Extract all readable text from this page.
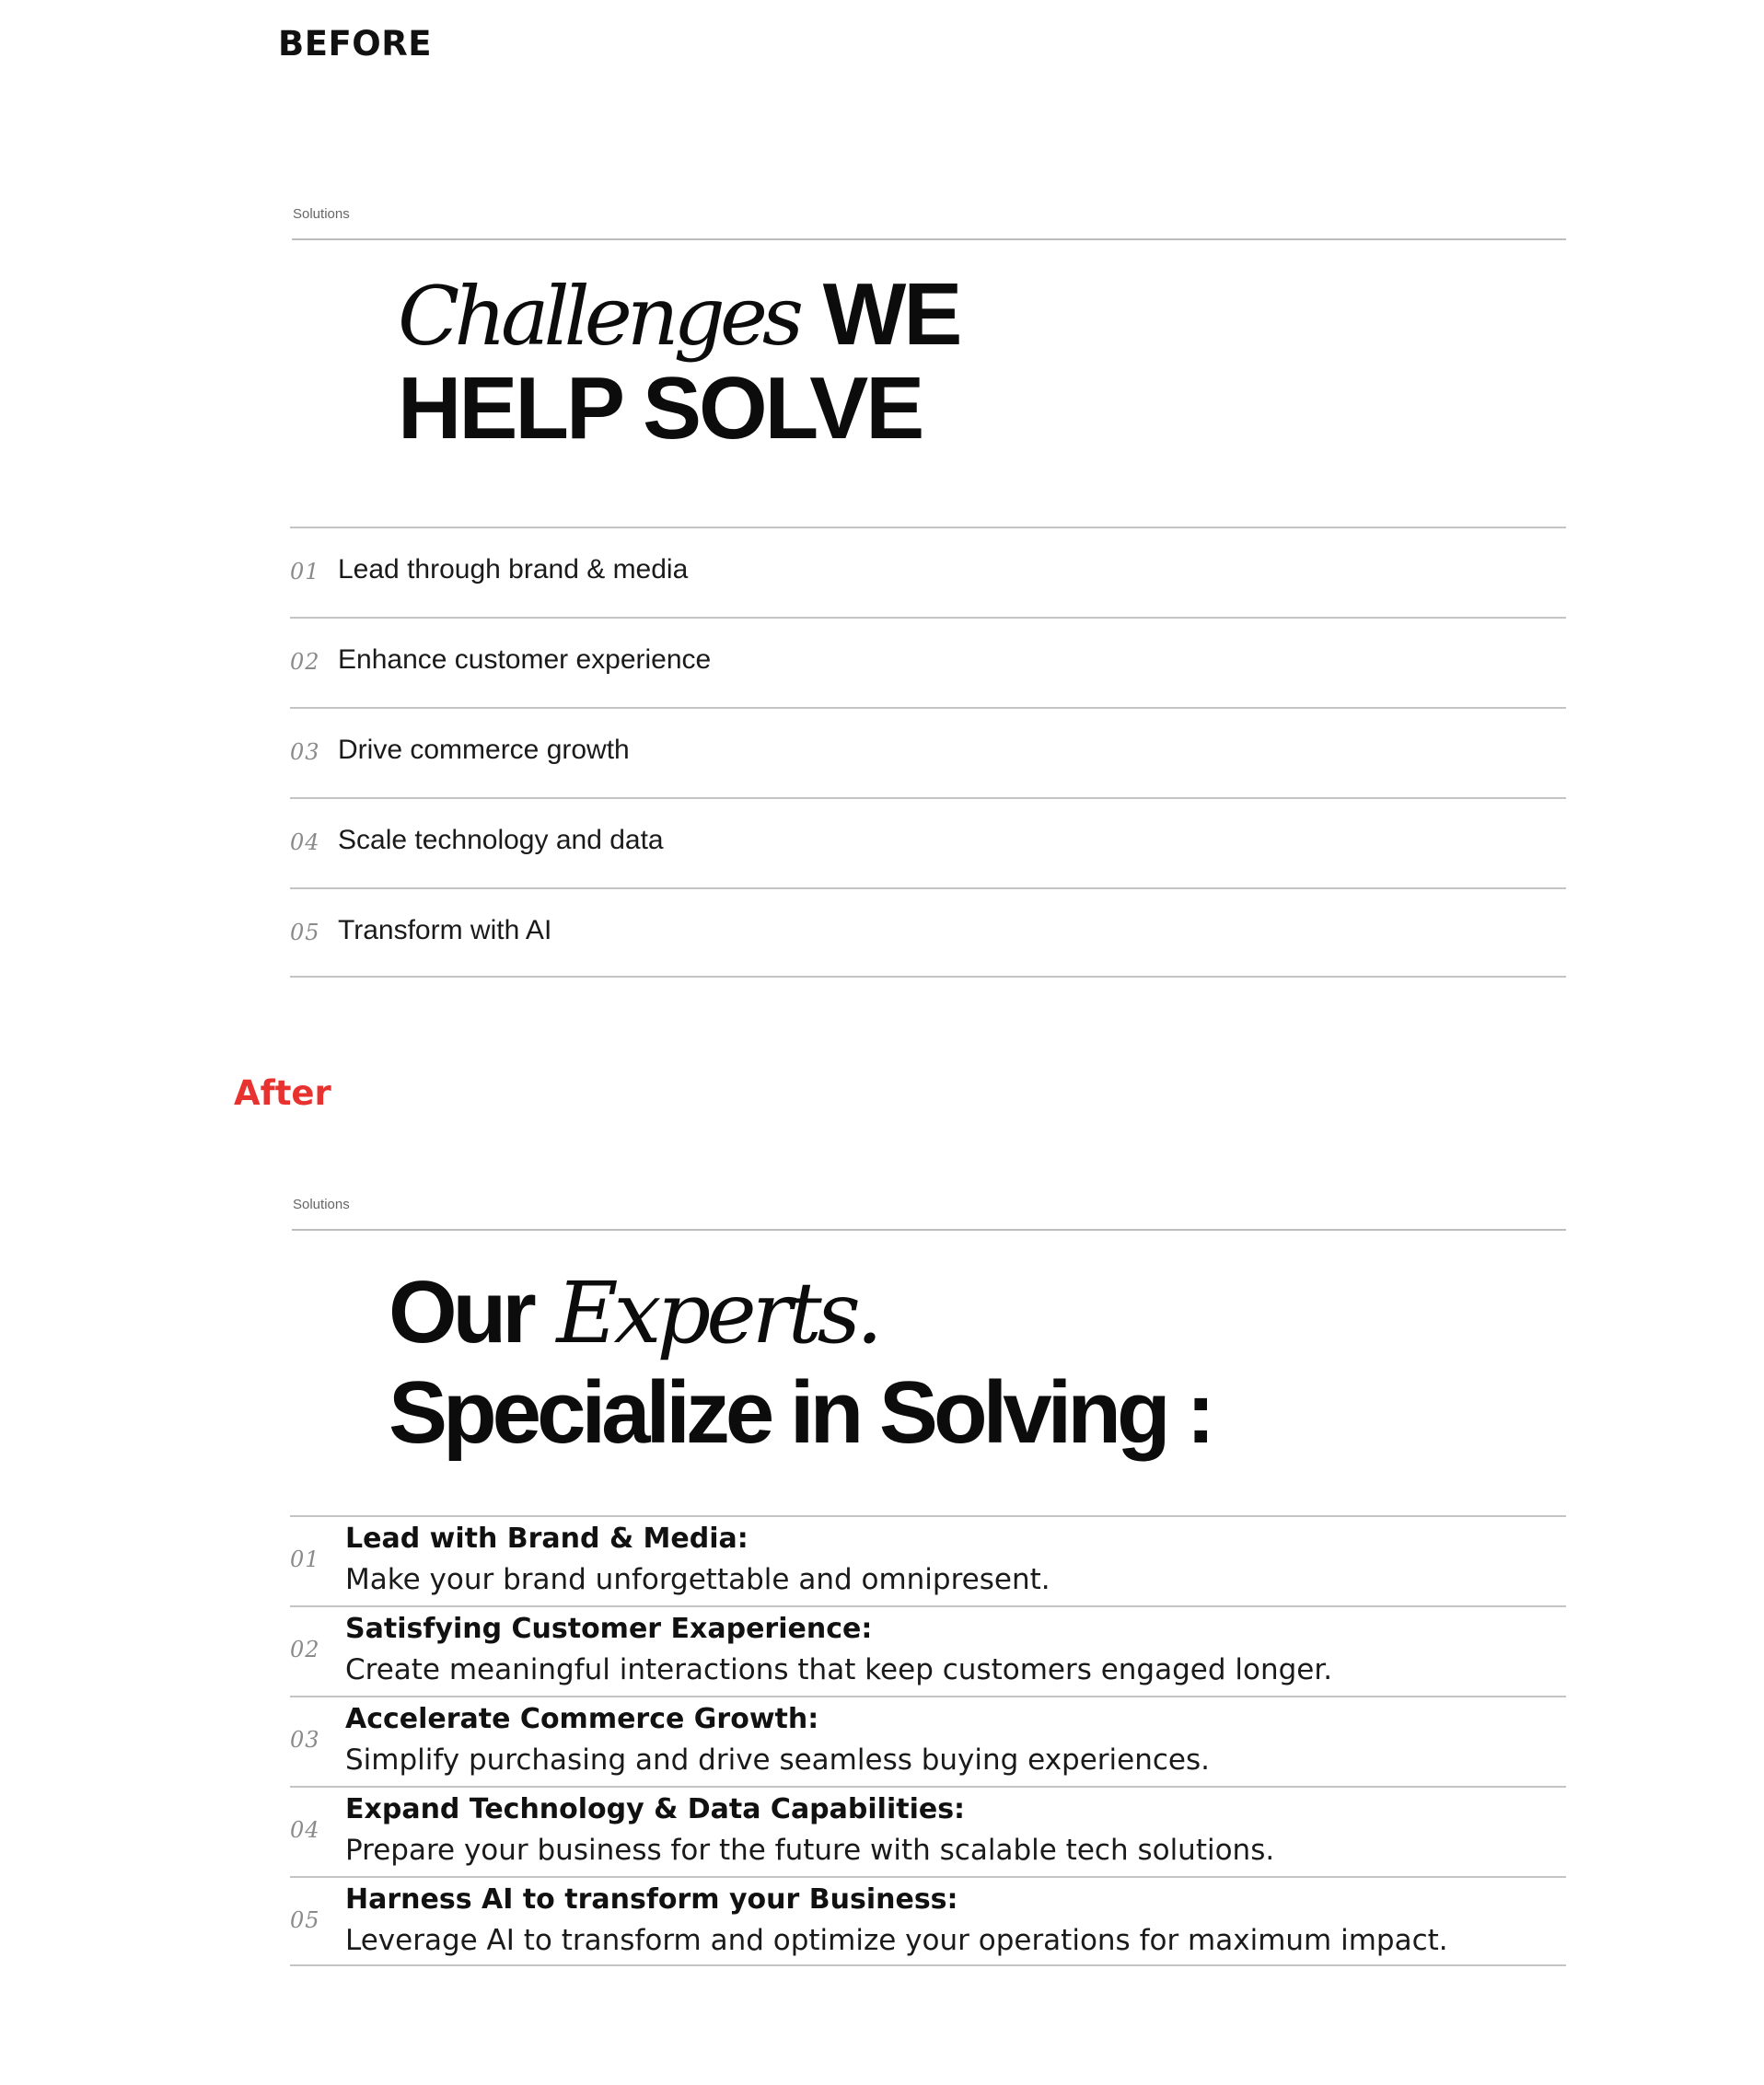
BEFORE

Solutions
Challenges WE
HELP SOLVE
01 Lead through brand & media
02 Enhance customer experience
03 Drive commerce growth
04 Scale technology and data
05 Transform with AI

After

Solutions
Our Experts.
Specialize in Solving :
01
Lead with Brand & Media:
Make your brand unforgettable and omnipresent.
02
Satisfying Customer Exaperience:
Create meaningful interactions that keep customers engaged longer.
03
Accelerate Commerce Growth:
Simplify purchasing and drive seamless buying experiences.
04
Expand Technology & Data Capabilities:
Prepare your business for the future with scalable tech solutions.
05
Harness AI to transform your Business:
Leverage AI to transform and optimize your operations for maximum impact.
